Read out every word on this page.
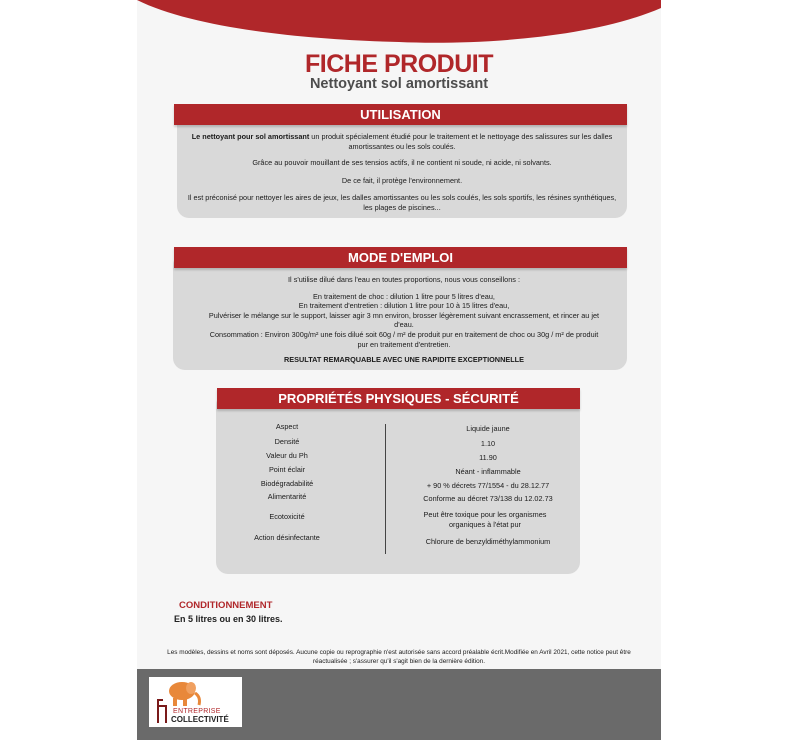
FICHE PRODUIT
Nettoyant sol amortissant
UTILISATION

Le nettoyant pour sol amortissant un produit spécialement étudié pour le traitement et le nettoyage des salissures sur les dalles amortissantes ou les sols coulés.

Grâce au pouvoir mouillant de ses tensios actifs, il ne contient ni soude, ni acide, ni solvants.

De ce fait, il protège l'environnement.

Il est préconisé pour nettoyer les aires de jeux, les dalles amortissantes ou les sols coulés, les sols sportifs, les résines synthétiques, les plages de piscines...

MODE D'EMPLOI

Il s'utilise dilué dans l'eau en toutes proportions, nous vous conseillons :

En traitement de choc : dilution 1 litre pour 5 litres d'eau,

En traitement d'entretien : dilution 1 litre pour 10 à 15 litres d'eau,

Pulvériser le mélange sur le support, laisser agir 3 mn environ, brosser légèrement suivant encrassement, et rincer au jet d'eau.

Consommation : Environ 300g/m² une fois dilué soit 60g / m² de produit pur en traitement de choc ou 30g / m² de produit pur en traitement d'entretien.

RESULTAT REMARQUABLE AVEC UNE RAPIDITE EXCEPTIONNELLE

PROPRIÉTÉS PHYSIQUES - SÉCURITÉ
Aspect	Liquide jaune
Densité	1.10
Valeur du Ph	11.90
Point éclair	Néant - inflammable
Biodégradabilité	+ 90 % décrets 77/1554 - du 28.12.77
Alimentarité	Conforme au décret 73/138 du 12.02.73
Ecotoxicité	Peut être toxique pour les organismes organiques à l'état pur
Action désinfectante	Chlorure de benzyldiméthylammonium
CONDITIONNEMENT
En 5 litres ou en 30 litres.
Les modèles, dessins et noms sont déposés. Aucune copie ou reprographie n'est autorisée sans accord préalable écrit.Modifiée en Avril 2021, cette notice peut être réactualisée ; s'assurer qu'il s'agit bien de la dernière édition.
ENTREPRISE
COLLECTIVITÉ
